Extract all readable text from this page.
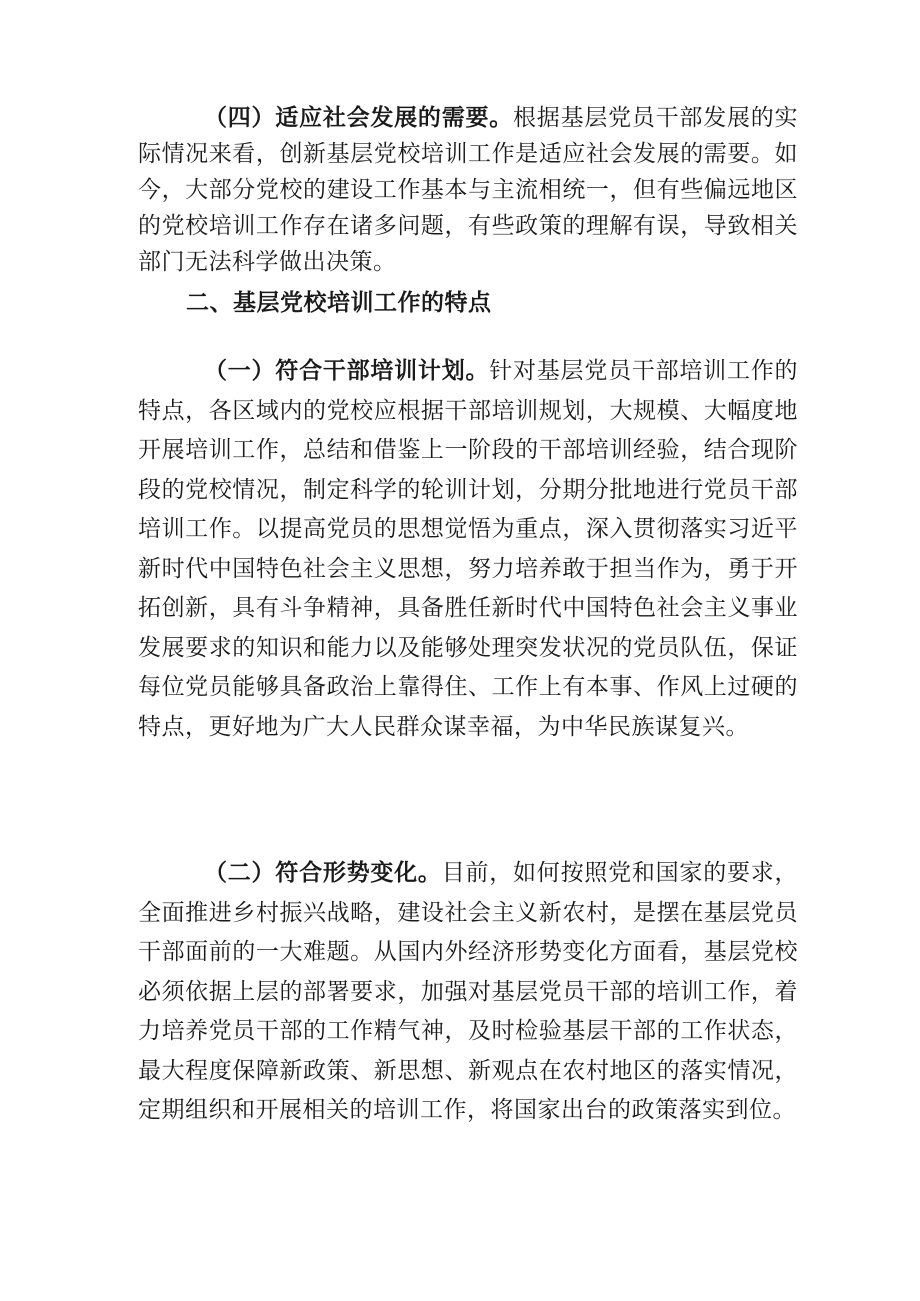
（四）适应社会发展的需要。根据基层党员干部发展的实际情况来看，创新基层党校培训工作是适应社会发展的需要。如今，大部分党校的建设工作基本与主流相统一，但有些偏远地区的党校培训工作存在诸多问题，有些政策的理解有误，导致相关部门无法科学做出决策。

二、基层党校培训工作的特点

（一）符合干部培训计划。针对基层党员干部培训工作的特点，各区域内的党校应根据干部培训规划，大规模、大幅度地开展培训工作，总结和借鉴上一阶段的干部培训经验，结合现阶段的党校情况，制定科学的轮训计划，分期分批地进行党员干部培训工作。以提高党员的思想觉悟为重点，深入贯彻落实习近平新时代中国特色社会主义思想，努力培养敢于担当作为，勇于开拓创新，具有斗争精神，具备胜任新时代中国特色社会主义事业发展要求的知识和能力以及能够处理突发状况的党员队伍，保证每位党员能够具备政治上靠得住、工作上有本事、作风上过硬的特点，更好地为广大人民群众谋幸福，为中华民族谋复兴。

（二）符合形势变化。目前，如何按照党和国家的要求，全面推进乡村振兴战略，建设社会主义新农村，是摆在基层党员干部面前的一大难题。从国内外经济形势变化方面看，基层党校必须依据上层的部署要求，加强对基层党员干部的培训工作，着力培养党员干部的工作精气神，及时检验基层干部的工作状态，最大程度保障新政策、新思想、新观点在农村地区的落实情况，定期组织和开展相关的培训工作，将国家出台的政策落实到位。
